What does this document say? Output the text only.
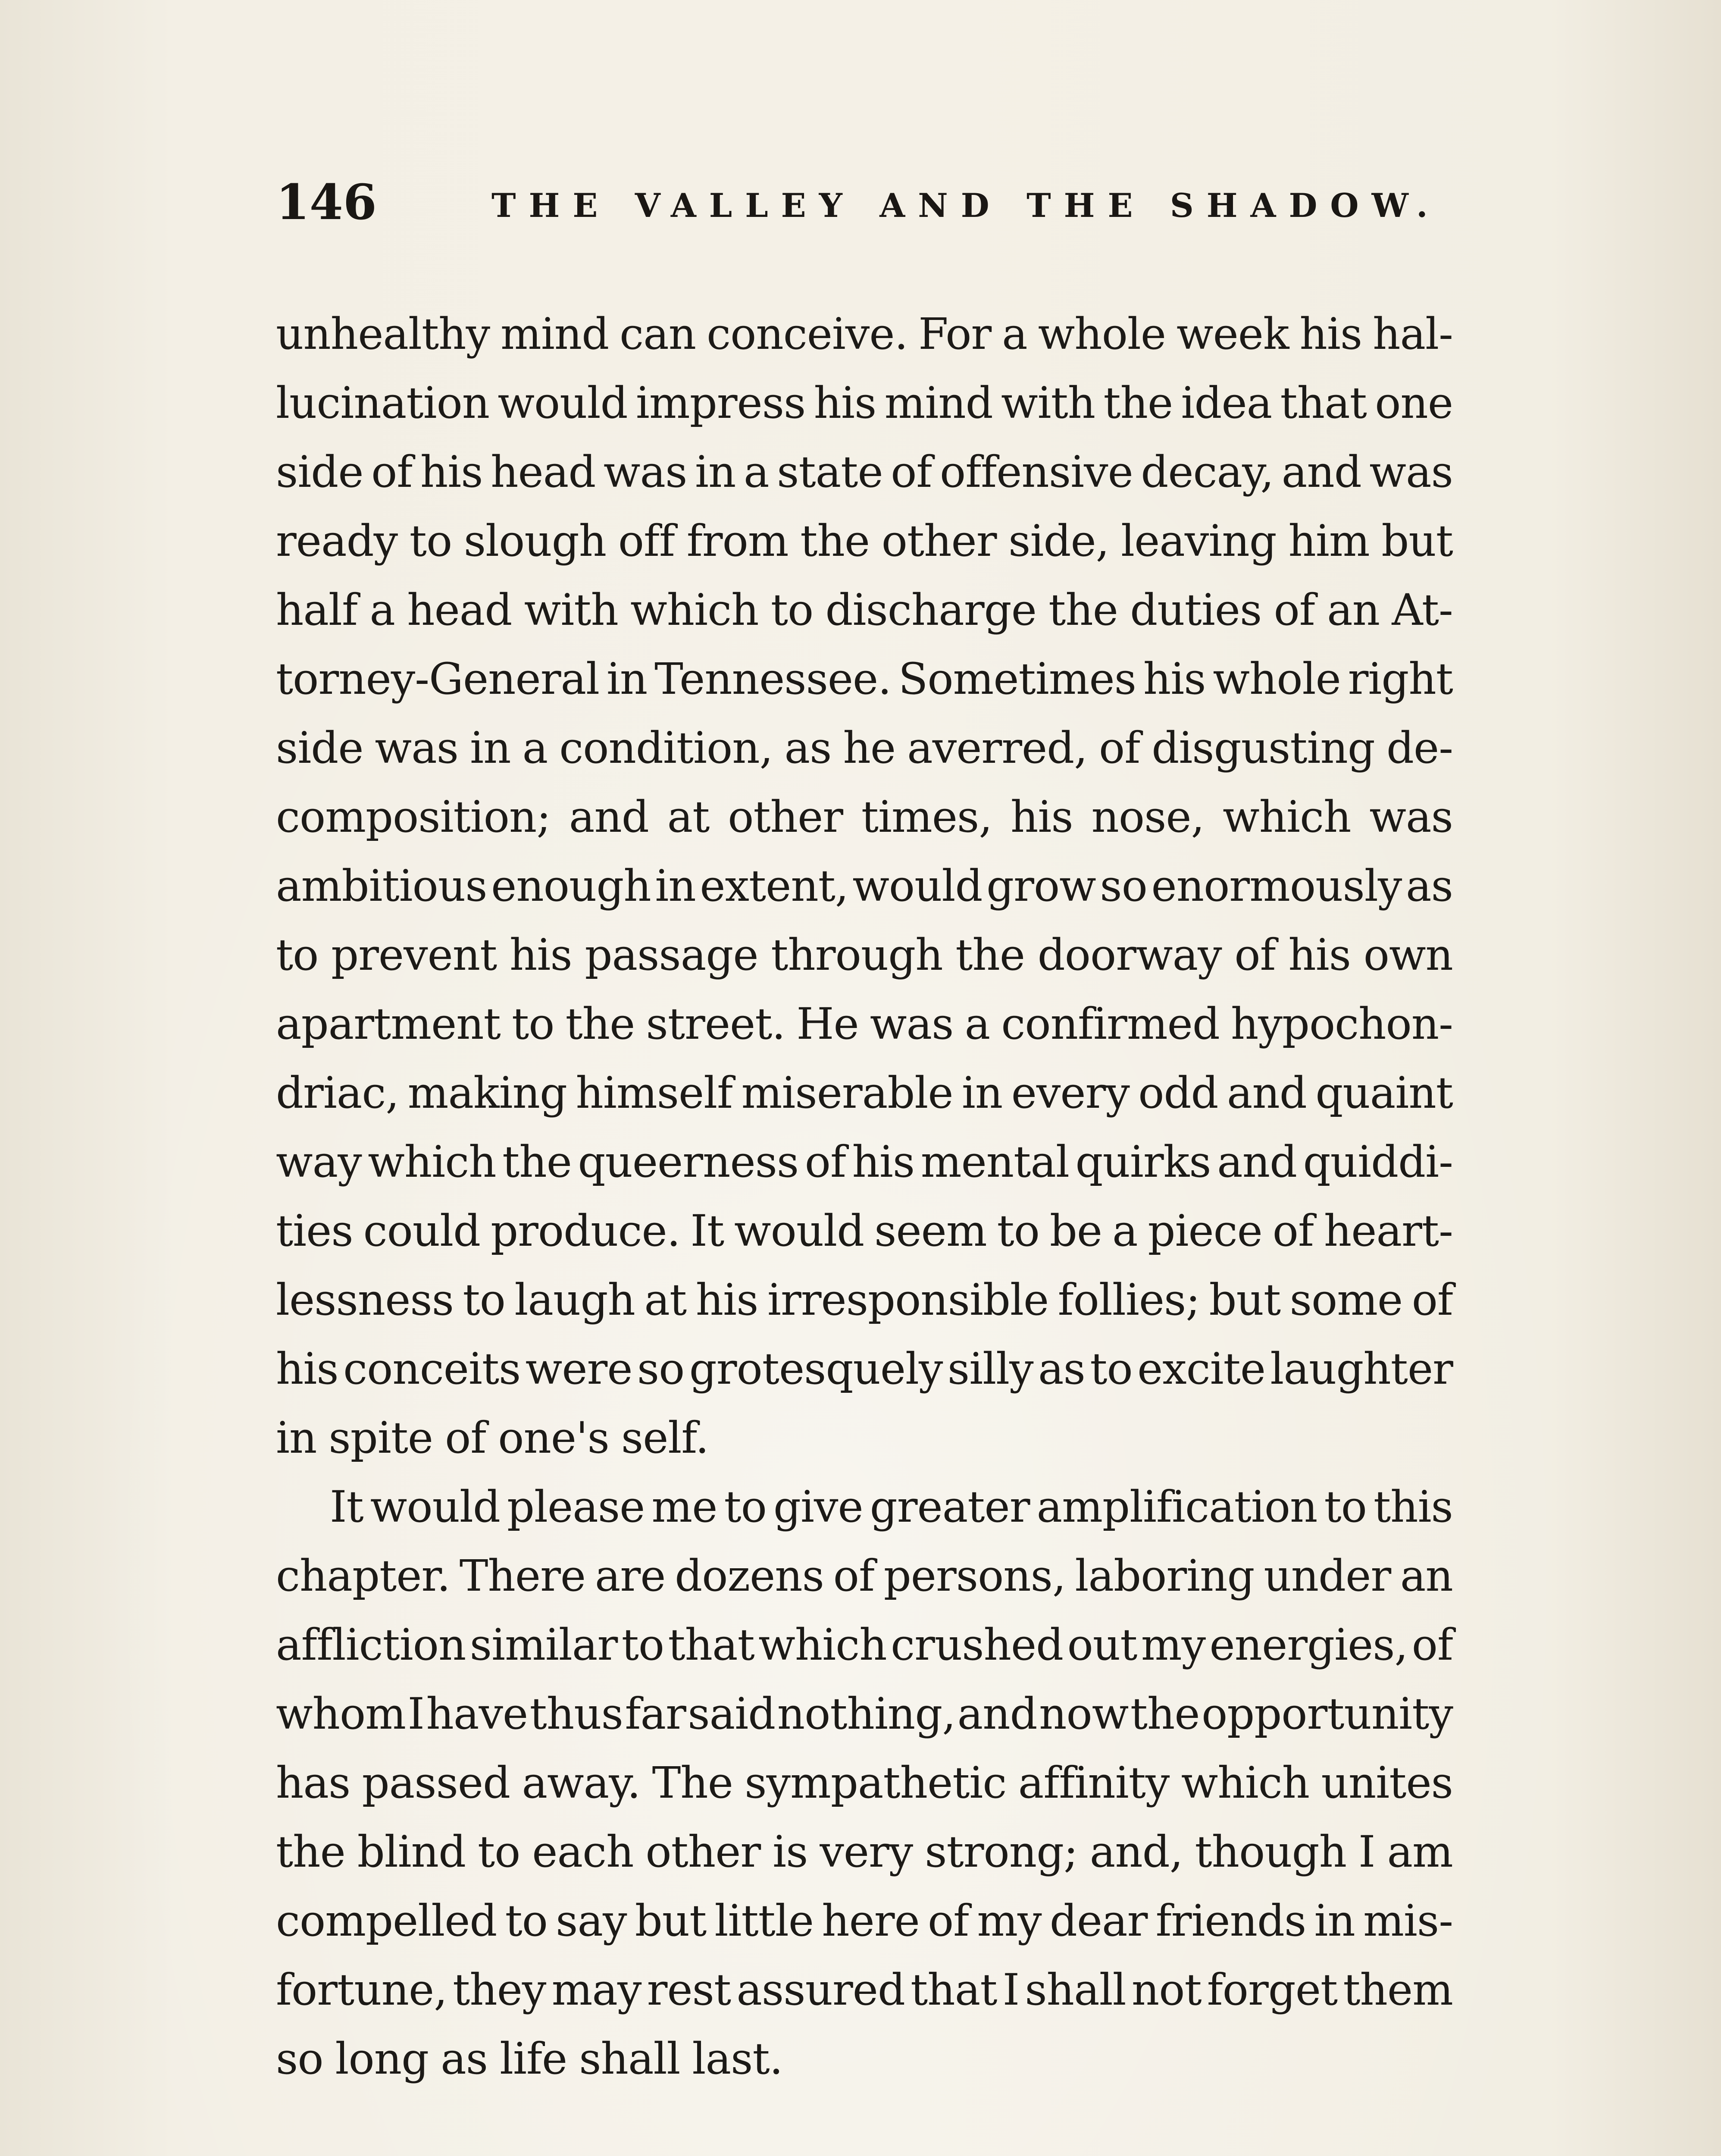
146	THE VALLEY AND THE SHADOW.
unhealthy mind can conceive. For a whole week his hal-
lucination would impress his mind with the idea that one
side of his head was in a state of offensive decay, and was
ready to slough off from the other side, leaving him but
half a head with which to discharge the duties of an At-
torney-General in Tennessee. Sometimes his whole right
side was in a condition, as he averred, of disgusting de-
composition; and at other times, his nose, which was
ambitious enough in extent, would grow so enormously as
to prevent his passage through the doorway of his own
apartment to the street. He was a confirmed hypochon-
driac, making himself miserable in every odd and quaint
way which the queerness of his mental quirks and quiddi-
ties could produce. It would seem to be a piece of heart-
lessness to laugh at his irresponsible follies; but some of
his conceits were so grotesquely silly as to excite laughter
in spite of one's self.
It would please me to give greater amplification to this
chapter. There are dozens of persons, laboring under an
affliction similar to that which crushed out my energies, of
whom I have thus far said nothing, and now the opportunity
has passed away. The sympathetic affinity which unites
the blind to each other is very strong; and, though I am
compelled to say but little here of my dear friends in mis-
fortune, they may rest assured that I shall not forget them
so long as life shall last.
